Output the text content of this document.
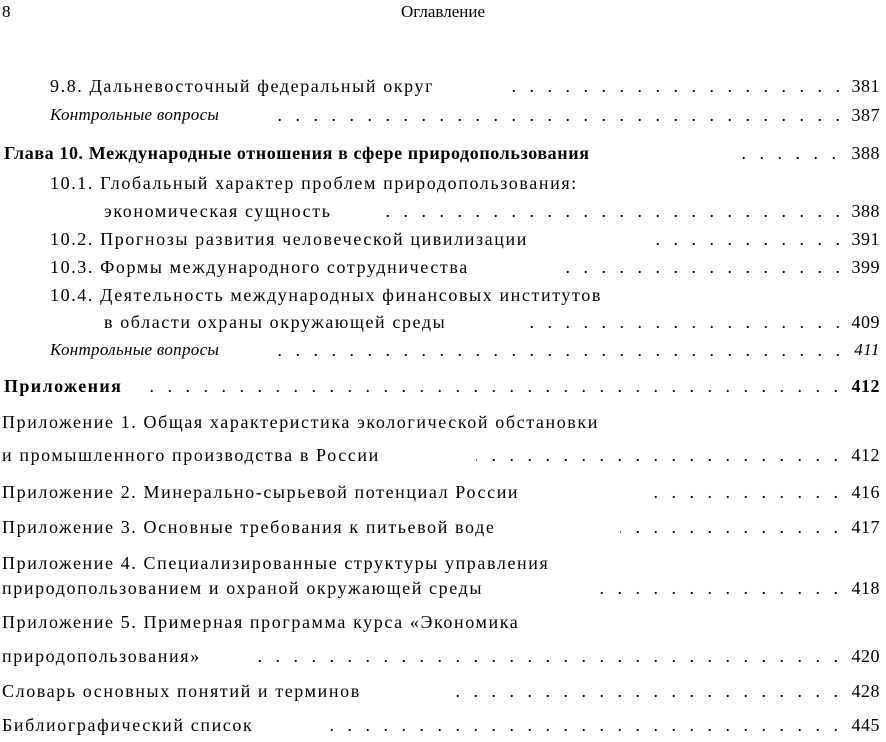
8	Оглавление
9.8. Дальневосточный федеральный округ . . .	381
Контрольные вопросы . . .	387
Глава 10. Международные отношения в сфере природопользования . . .	388
10.1. Глобальный характер проблем природопользования:
экономическая сущность . . .	388
10.2. Прогнозы развития человеческой цивилизации . . .	391
10.3. Формы международного сотрудничества . . .	399
10.4. Деятельность международных финансовых институтов
в области охраны окружающей среды . . .	409
Контрольные вопросы . . .	411
Приложения . . .	412
Приложение 1. Общая характеристика экологической обстановки
и промышленного производства в России . . .	412
Приложение 2. Минерально-сырьевой потенциал России . . .	416
Приложение 3. Основные требования к питьевой воде . . .	417
Приложение 4. Специализированные структуры управления
природопользованием и охраной окружающей среды . . .	418
Приложение 5. Примерная программа курса «Экономика
природопользования» . . .	420
Словарь основных понятий и терминов . . .	428
Библиографический список . . .	445
